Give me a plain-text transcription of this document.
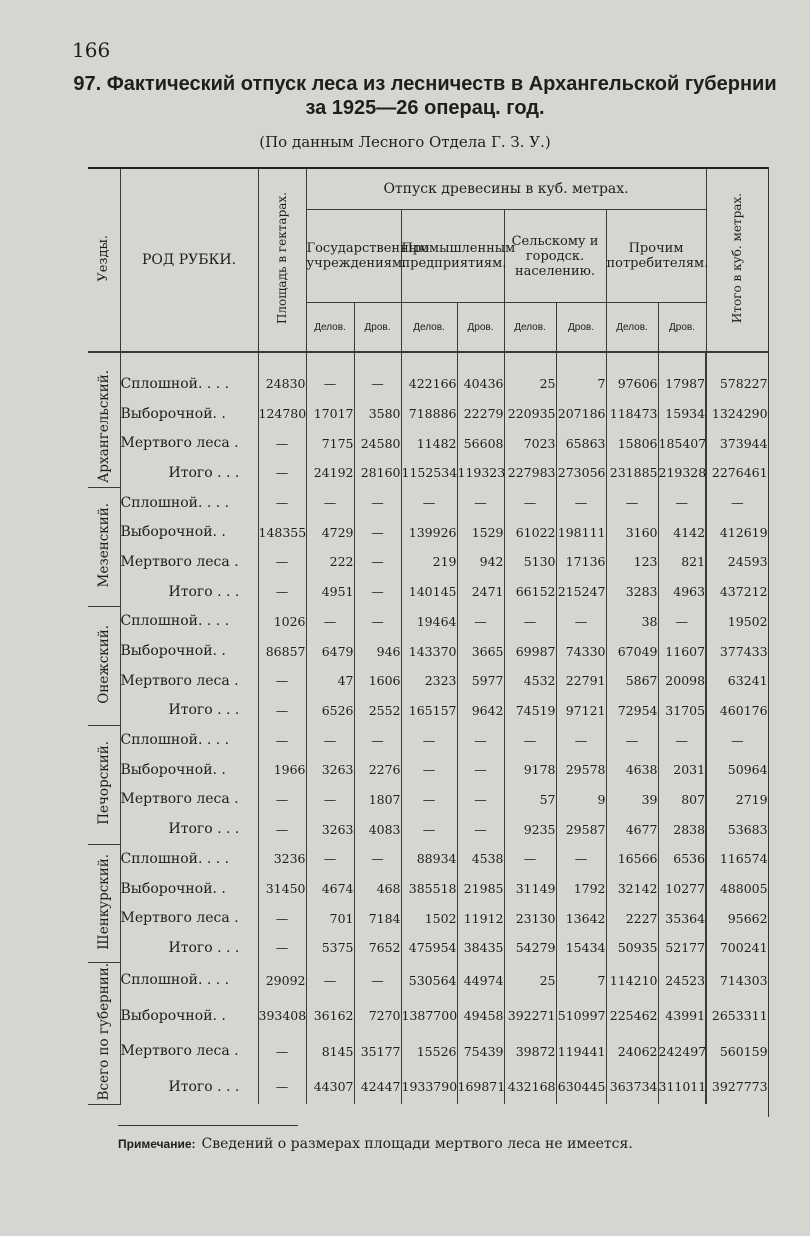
166
97. Фактический отпуск леса из лесничеств в Архангельской губернии
за 1925—26 операц. год.
(По данным Лесного Отдела Г. З. У.)
Уезды.	РОД РУБКИ.	Площадь в гектарах.	Отпуск древесины в куб. метрах.								Итого в куб. метрах.
			Государственным учреждениям.		Промышленным предприятиям.		Сельскому и городск. населению.		Прочим потребителям.		
			Делов.	Дров.	Делов.	Дров.	Делов.	Дров.	Делов.	Дров.	

Архангельский.	Сплошной. . . .	24830	—	—	422166	40436	25	7	97606	17987	578227
	Выборочной. .	124780	17017	3580	718886	22279	220935	207186	118473	15934	1324290
	Мертвого леса .	—	7175	24580	11482	56608	7023	65863	15806	185407	373944
	Итого . . .	—	24192	28160	1152534	119323	227983	273056	231885	219328	2276461
Мезенский.	Сплошной. . . .	—	—	—	—	—	—	—	—	—	—
	Выборочной. .	148355	4729	—	139926	1529	61022	198111	3160	4142	412619
	Мертвого леса .	—	222	—	219	942	5130	17136	123	821	24593
	Итого . . .	—	4951	—	140145	2471	66152	215247	3283	4963	437212
Онежский.	Сплошной. . . .	1026	—	—	19464	—	—	—	38	—	19502
	Выборочной. .	86857	6479	946	143370	3665	69987	74330	67049	11607	377433
	Мертвого леса .	—	47	1606	2323	5977	4532	22791	5867	20098	63241
	Итого . . .	—	6526	2552	165157	9642	74519	97121	72954	31705	460176
Печорский.	Сплошной. . . .	—	—	—	—	—	—	—	—	—	—
	Выборочной. .	1966	3263	2276	—	—	9178	29578	4638	2031	50964
	Мертвого леса .	—	—	1807	—	—	57	9	39	807	2719
	Итого . . .	—	3263	4083	—	—	9235	29587	4677	2838	53683
Шенкурский.	Сплошной. . . .	3236	—	—	88934	4538	—	—	16566	6536	116574
	Выборочной. .	31450	4674	468	385518	21985	31149	1792	32142	10277	488005
	Мертвого леса .	—	701	7184	1502	11912	23130	13642	2227	35364	95662
	Итого . . .	—	5375	7652	475954	38435	54279	15434	50935	52177	700241
Всего по губернии.	Сплошной. . . .	29092	—	—	530564	44974	25	7	114210	24523	714303
	Выборочной. .	393408	36162	7270	1387700	49458	392271	510997	225462	43991	2653311
	Мертвого леса .	—	8145	35177	15526	75439	39872	119441	24062	242497	560159
	Итого . . .	—	44307	42447	1933790	169871	432168	630445	363734	311011	3927773
Примечание: Сведений о размерах площади мертвого леса не имеется.
